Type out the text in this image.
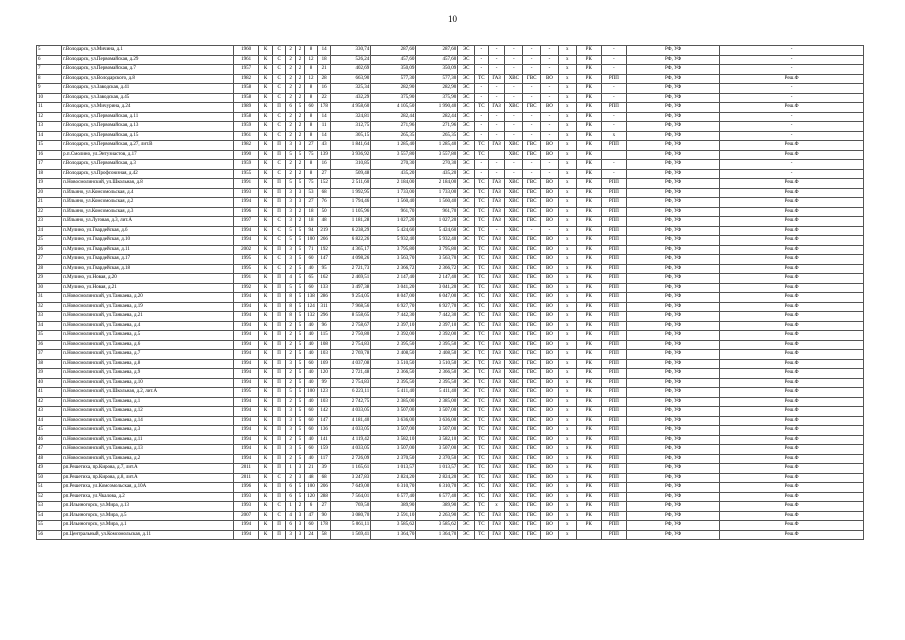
10
5	г.Володарск, ул.Мичина, д.1	1960	К	С	2	2	8	14	330,74	287,60	287,60	ЭС	-	-	-	-	-	х	РК	-	РФ, УФ	-
6	г.Володарск, ул.Первомайская, д.29	1961	К	С	2	2	12	18	526,24	457,60	457,60	ЭС	-	-	-	-	-	х	РК	-	РФ, УФ	-
7	г.Володарск, ул.Первомайская, д.7	1957	К	С	2	2	8	21	402,69	350,09	350,09	ЭС	-	-	-	-	-	х	РК	-	РФ, УФ	-
8	г.Володарск, ул.Володарского, д.8	1982	К	С	2	2	12	28	663,90	577,30	577,30	ЭС	ТС	ГАЗ	ХВС	ГВС	ВО	х	РК	РПП	РФ, УФ	Реш.Ф
9	г.Володарск, ул.Заводская, д.41	1958	К	С	2	2	8	16	325,34	282,90	282,90	ЭС	-	-	-	-	-	х	РК	-	РФ, УФ	-
10	г.Володарск, ул.Заводская, д.45	1958	К	С	2	2	8	22	432,29	375,90	375,90	ЭС	-	-	-	-	-	х	РК	-	РФ, УФ	-
11	г.Володарск, ул.Мичурина, д.24	1989	К	П	6	5	60	178	4 958,60	4 105,50	1 990,40	ЭС	ТС	ГАЗ	ХВС	ГВС	ВО	х	РК	РПП	РФ, УФ	Реш.Ф
12	г.Володарск, ул.Первомайская, д.11	1958	К	С	2	2	8	14	324,81	282,44	282,44	ЭС	-	-	-	-	-	х	РК	-	РФ, УФ	-
13	г.Володарск, ул.Первомайская, д.13	1959	К	С	2	2	8	11	312,75	271,96	271,96	ЭС	-	-	-	-	-	х	РК	-	РФ, УФ	-
14	г.Володарск, ул.Первомайская, д.15	1961	К	С	2	2	8	14	305,15	265,35	265,35	ЭС	-	-	-	-	-	х	РК	х	РФ, УФ	-
15	г.Володарск, ул.Первомайская, д.27, лит.В	1982	К	П	3	3	27	43	1 841,64	1 285,40	1 285,40	ЭС	ТС	ГАЗ	ХВС	ГВС	ВО	х	РК	РПП	РФ, УФ	Реш.Ф
16	р.п.Смолино, ул.Энтузиастов, д.17	1990	К	П	5	5	75	139	3 936,92	3 557,80	3 557,80	ЭС	ТС		ХВС	ГВС	ВО	х	РК		РФ, УФ	Реш.Ф
17	г.Володарск, ул.Первомайская, д.3	1959	К	С	2	2	8	16	310,85	270,30	270,30	ЭС	-	-	-	-	-	х	РК	-	РФ, УФ	-
18	г.Володарск, ул.Профсоюзная, д.42	1955	К	С	2	2	8	27	509,48	435,20	435,20	ЭС	-	-	-	-	-	х	РК	-	РФ, УФ	-
19	п.Новосмолинский, ул.Школьная, д.8	1991	К	П	5	5	75	152	2 511,60	2 184,00	2 184,00	ЭС	ТС	ГАЗ	ХВС	ГВС	ВО	х	РК	РПП	РФ, УФ	Реш.Ф
20	п.Ильино, ул.Комсомольская, д.4	1993	К	П	3	3	53	68	1 992,95	1 733,00	1 733,00	ЭС	ТС	ГАЗ	ХВС	ГВС	ВО	х	РК	РПП	РФ, УФ	Реш.Ф
21	п.Ильино, ул.Комсомольская, д.2	1994	К	П	3	3	27	76	1 794,46	1 560,40	1 560,40	ЭС	ТС	ГАЗ	ХВС	ГВС	ВО	х	РК	РПП	РФ, УФ	Реш.Ф
22	п.Ильино, ул.Комсомольская, д.3	1996	К	П	3	2	18	50	1 105,96	961,70	961,70	ЭС	ТС	ГАЗ	ХВС	ГВС	ВО	х	РК	РПП	РФ, УФ	Реш.Ф
23	п.Ильино, ул.Луговая, д.3, лит.А	1997	К	С	3	2	18	48	1 181,28	1 027,20	1 027,20	ЭС	ТС	ГАЗ	ХВС	ГВС	ВО	х	РК	РПП	РФ, УФ	Реш.Ф
24	п.Мулино, ул.Гвардейская, д.6	1994	К	С	5	5	94	219	6 238,29	5 424,60	5 424,60	ЭС	ТС	-	ХВС	-	-	х	РК	РПП	РФ, УФ	Реш.Ф
25	п.Мулино, ул.Гвардейская, д.10	1994	К	С	5	5	100	266	6 822,26	5 932,40	5 932,40	ЭС	ТС	ГАЗ	ХВС	ГВС	ВО	х	РК	РПП	РФ, УФ	Реш.Ф
26	п.Мулино, ул.Гвардейская, д.11	2002	К	П	3	5	71	192	4 365,17	3 795,80	3 795,80	ЭС	ТС	ГАЗ	ХВС	ГВС	ВО	х	РК	РПП	РФ, УФ	Реш.Ф
27	п.Мулино, ул.Гвардейская, д.17	1995	К	С	3	5	60	147	4 098,26	3 563,70	3 563,70	ЭС	ТС	ГАЗ	ХВС	ГВС	ВО	х	РК	РПП	РФ, УФ	Реш.Ф
28	п.Мулино, ул.Гвардейская, д.18	1995	К	С	2	5	40	95	2 721,73	2 366,72	2 366,72	ЭС	ТС	ГАЗ	ХВС	ГВС	ВО	х	РК	РПП	РФ, УФ	Реш.Ф
29	п.Мулино, ул.Новая, д.20	1991	К	П	4	5	65	162	2 469,51	2 147,40	2 147,40	ЭС	ТС	ГАЗ	ХВС	ГВС	ВО	х	РК	РПП	РФ, УФ	Реш.Ф
30	п.Мулино, ул.Новая, д.21	1992	К	П	5	5	60	133	3 497,38	3 041,20	3 041,20	ЭС	ТС	ГАЗ	ХВС	ГВС	ВО	х	РК	РПП	РФ, УФ	Реш.Ф
31	п.Новосмолинский, ул.Танкаева, д.20	1994	К	П	8	5	138	286	9 254,05	8 047,00	6 047,00	ЭС	ТС	ГАЗ	ХВС	ГВС	ВО	х	РК	РПП	РФ, УФ	Реш.Ф
32	п.Новосмолинский, ул.Танкаева, д.19	1994	К	П	8	5	124	311	7 968,56	6 927,70	6 927,70	ЭС	ТС	ГАЗ	ХВС	ГВС	ВО	х	РК	РПП	РФ, УФ	Реш.Ф
33	п.Новосмолинский, ул.Танкаева, д.21	1994	К	П	8	5	132	296	8 558,65	7 442,30	7 442,30	ЭС	ТС	ГАЗ	ХВС	ГВС	ВО	х	РК	РПП	РФ, УФ	Реш.Ф
34	п.Новосмолинский, ул.Танкаева, д.4	1994	К	П	2	5	40	96	2 758,67	2 397,10	2 397,10	ЭС	ТС	ГАЗ	ХВС	ГВС	ВО	х	РК	РПП	РФ, УФ	Реш.Ф
35	п.Новосмолинский, ул.Танкаева, д.5	1994	К	П	2	5	40	115	2 750,80	2 392,00	2 392,00	ЭС	ТС	ГАЗ	ХВС	ГВС	ВО	х	РК	РПП	РФ, УФ	Реш.Ф
36	п.Новосмолинский, ул.Танкаева, д.6	1994	К	П	2	5	40	108	2 754,83	2 395,50	2 395,50	ЭС	ТС	ГАЗ	ХВС	ГВС	ВО	х	РК	РПП	РФ, УФ	Реш.Ф
37	п.Новосмолинский, ул.Танкаева, д.7	1994	К	П	2	5	40	103	2 769,78	2 408,50	2 408,50	ЭС	ТС	ГАЗ	ХВС	ГВС	ВО	х	РК	РПП	РФ, УФ	Реш.Ф
38	п.Новосмолинский, ул.Танкаева, д.8	1994	К	П	3	5	60	169	4 037,08	3 510,50	3 510,50	ЭС	ТС	ГАЗ	ХВС	ГВС	ВО	х	РК	РПП	РФ, УФ	Реш.Ф
39	п.Новосмолинский, ул.Танкаева, д.9	1994	К	П	2	5	40	120	2 721,48	2 366,50	2 366,50	ЭС	ТС	ГАЗ	ХВС	ГВС	ВО	х	РК	РПП	РФ, УФ	Реш.Ф
40	п.Новосмолинский, ул.Танкаева, д.10	1994	К	П	2	5	40	99	2 754,83	2 395,50	2 395,50	ЭС	ТС	ГАЗ	ХВС	ГВС	ВО	х	РК	РПП	РФ, УФ	Реш.Ф
41	п.Новосмолинский, ул.Школьная, д.2, лит.А	1995	К	П	5	5	100	123	6 223,11	5 411,40	5 411,40	ЭС	ТС	ГАЗ	ХВС	ГВС	ВО	х	РК	РПП	РФ, УФ	Реш.Ф
42	п.Новосмолинский, ул.Танкаева, д.1	1994	К	П	2	5	40	103	2 742,75	2 385,00	2 385,00	ЭС	ТС	ГАЗ	ХВС	ГВС	ВО	х	РК	РПП	РФ, УФ	Реш.Ф
43	п.Новосмолинский, ул.Танкаева, д.12	1994	К	П	3	5	60	142	4 033,05	3 507,00	3 507,00	ЭС	ТС	ГАЗ	ХВС	ГВС	ВО	х	РК	РПП	РФ, УФ	Реш.Ф
44	п.Новосмолинский, ул.Танкаева, д.14	1994	К	П	3	5	60	147	4 181,40	3 636,00	3 636,00	ЭС	ТС	ГАЗ	ХВС	ГВС	ВО	х	РК	РПП	РФ, УФ	Реш.Ф
45	п.Новосмолинский, ул.Танкаева, д.3	1994	К	П	3	5	60	136	4 033,05	3 507,00	3 507,00	ЭС	ТС	ГАЗ	ХВС	ГВС	ВО	х	РК	РПП	РФ, УФ	Реш.Ф
46	п.Новосмолинский, ул.Танкаева, д.11	1994	К	П	2	5	40	141	4 119,42	3 582,10	3 582,10	ЭС	ТС	ГАЗ	ХВС	ГВС	ВО	х	РК	РПП	РФ, УФ	Реш.Ф
47	п.Новосмолинский, ул.Танкаева, д.13	1994	К	П	3	5	60	159	4 033,05	3 507,00	3 507,00	ЭС	ТС	ГАЗ	ХВС	ГВС	ВО	х	РК	РПП	РФ, УФ	Реш.Ф
48	п.Новосмолинский, ул.Танкаева, д.2	1994	К	П	2	5	40	117	2 726,09	2 370,50	2 370,50	ЭС	ТС	ГАЗ	ХВС	ГВС	ВО	х	РК	РПП	РФ, УФ	Реш.Ф
49	рп.Решетиха, пр.Кирова, д.7, лит.А	2011	К	П	1	3	21	39	1 165,61	1 013,57	1 013,57	ЭС	ТС	ГАЗ	ХВС	ГВС	ВО	х	РК	РПП	РФ, УФ	Реш.Ф
50	рп.Решетиха, пр.Кирова, д.8, лит.А	2011	К	С	2	3	48	68	3 247,83	2 824,20	2 824,20	ЭС	ТС	ГАЗ	ХВС	ГВС	ВО	х	РК	РПП	РФ, УФ	Реш.Ф
51	рп.Решетиха, ул.Комсомольская, д.10А	1996	К	П	6	5	100	206	7 649,00	6 310,70	6 310,70	ЭС	ТС	ГАЗ	ХВС	ГВС	ВО	х	РК	РПП	РФ, УФ	Реш.Ф
52	рп.Решетиха, ул.Чкалова, д.2	1993	К	П	6	5	120	288	7 564,01	6 577,40	6 577,40	ЭС	ТС	ГАЗ	ХВС	ГВС	ВО	х	РК	РПП	РФ, УФ	Реш.Ф
53	рп.Ильиногорск, ул.Мира, д.13	1993	К	С	1	2	6	27	769,50	389,90	389,90	ЭС	ТС	х	ХВС	ГВС	ВО	х	РК	РПП	РФ, УФ	Реш.Ф
54	рп.Ильиногорск, ул.Мира, д.5	2007	К	С	4	3	47	90	3 080,70	2 591,10	2 263,90	ЭС	ТС	ГАЗ	ХВС	ГВС	ВО	х	РК	РПП	РФ, УФ	Реш.Ф
55	рп.Ильиногорск, ул.Мира, д.1	1994	К	П	6	3	60	178	5 061,11	3 585,62	3 585,62	ЭС	ТС	ГАЗ	ХВС	ГВС	ВО	х	РК	РПП	РФ, УФ	Реш.Ф
56	рп.Центральный, ул.Комсомольская, д.11	1994	К	П	3	3	24	58	1 569,41	1 364,70	1 364,70	ЭС	ТС	ГАЗ	ХВС	ГВС	ВО	х		РПП	РФ, УФ	Реш.Ф
